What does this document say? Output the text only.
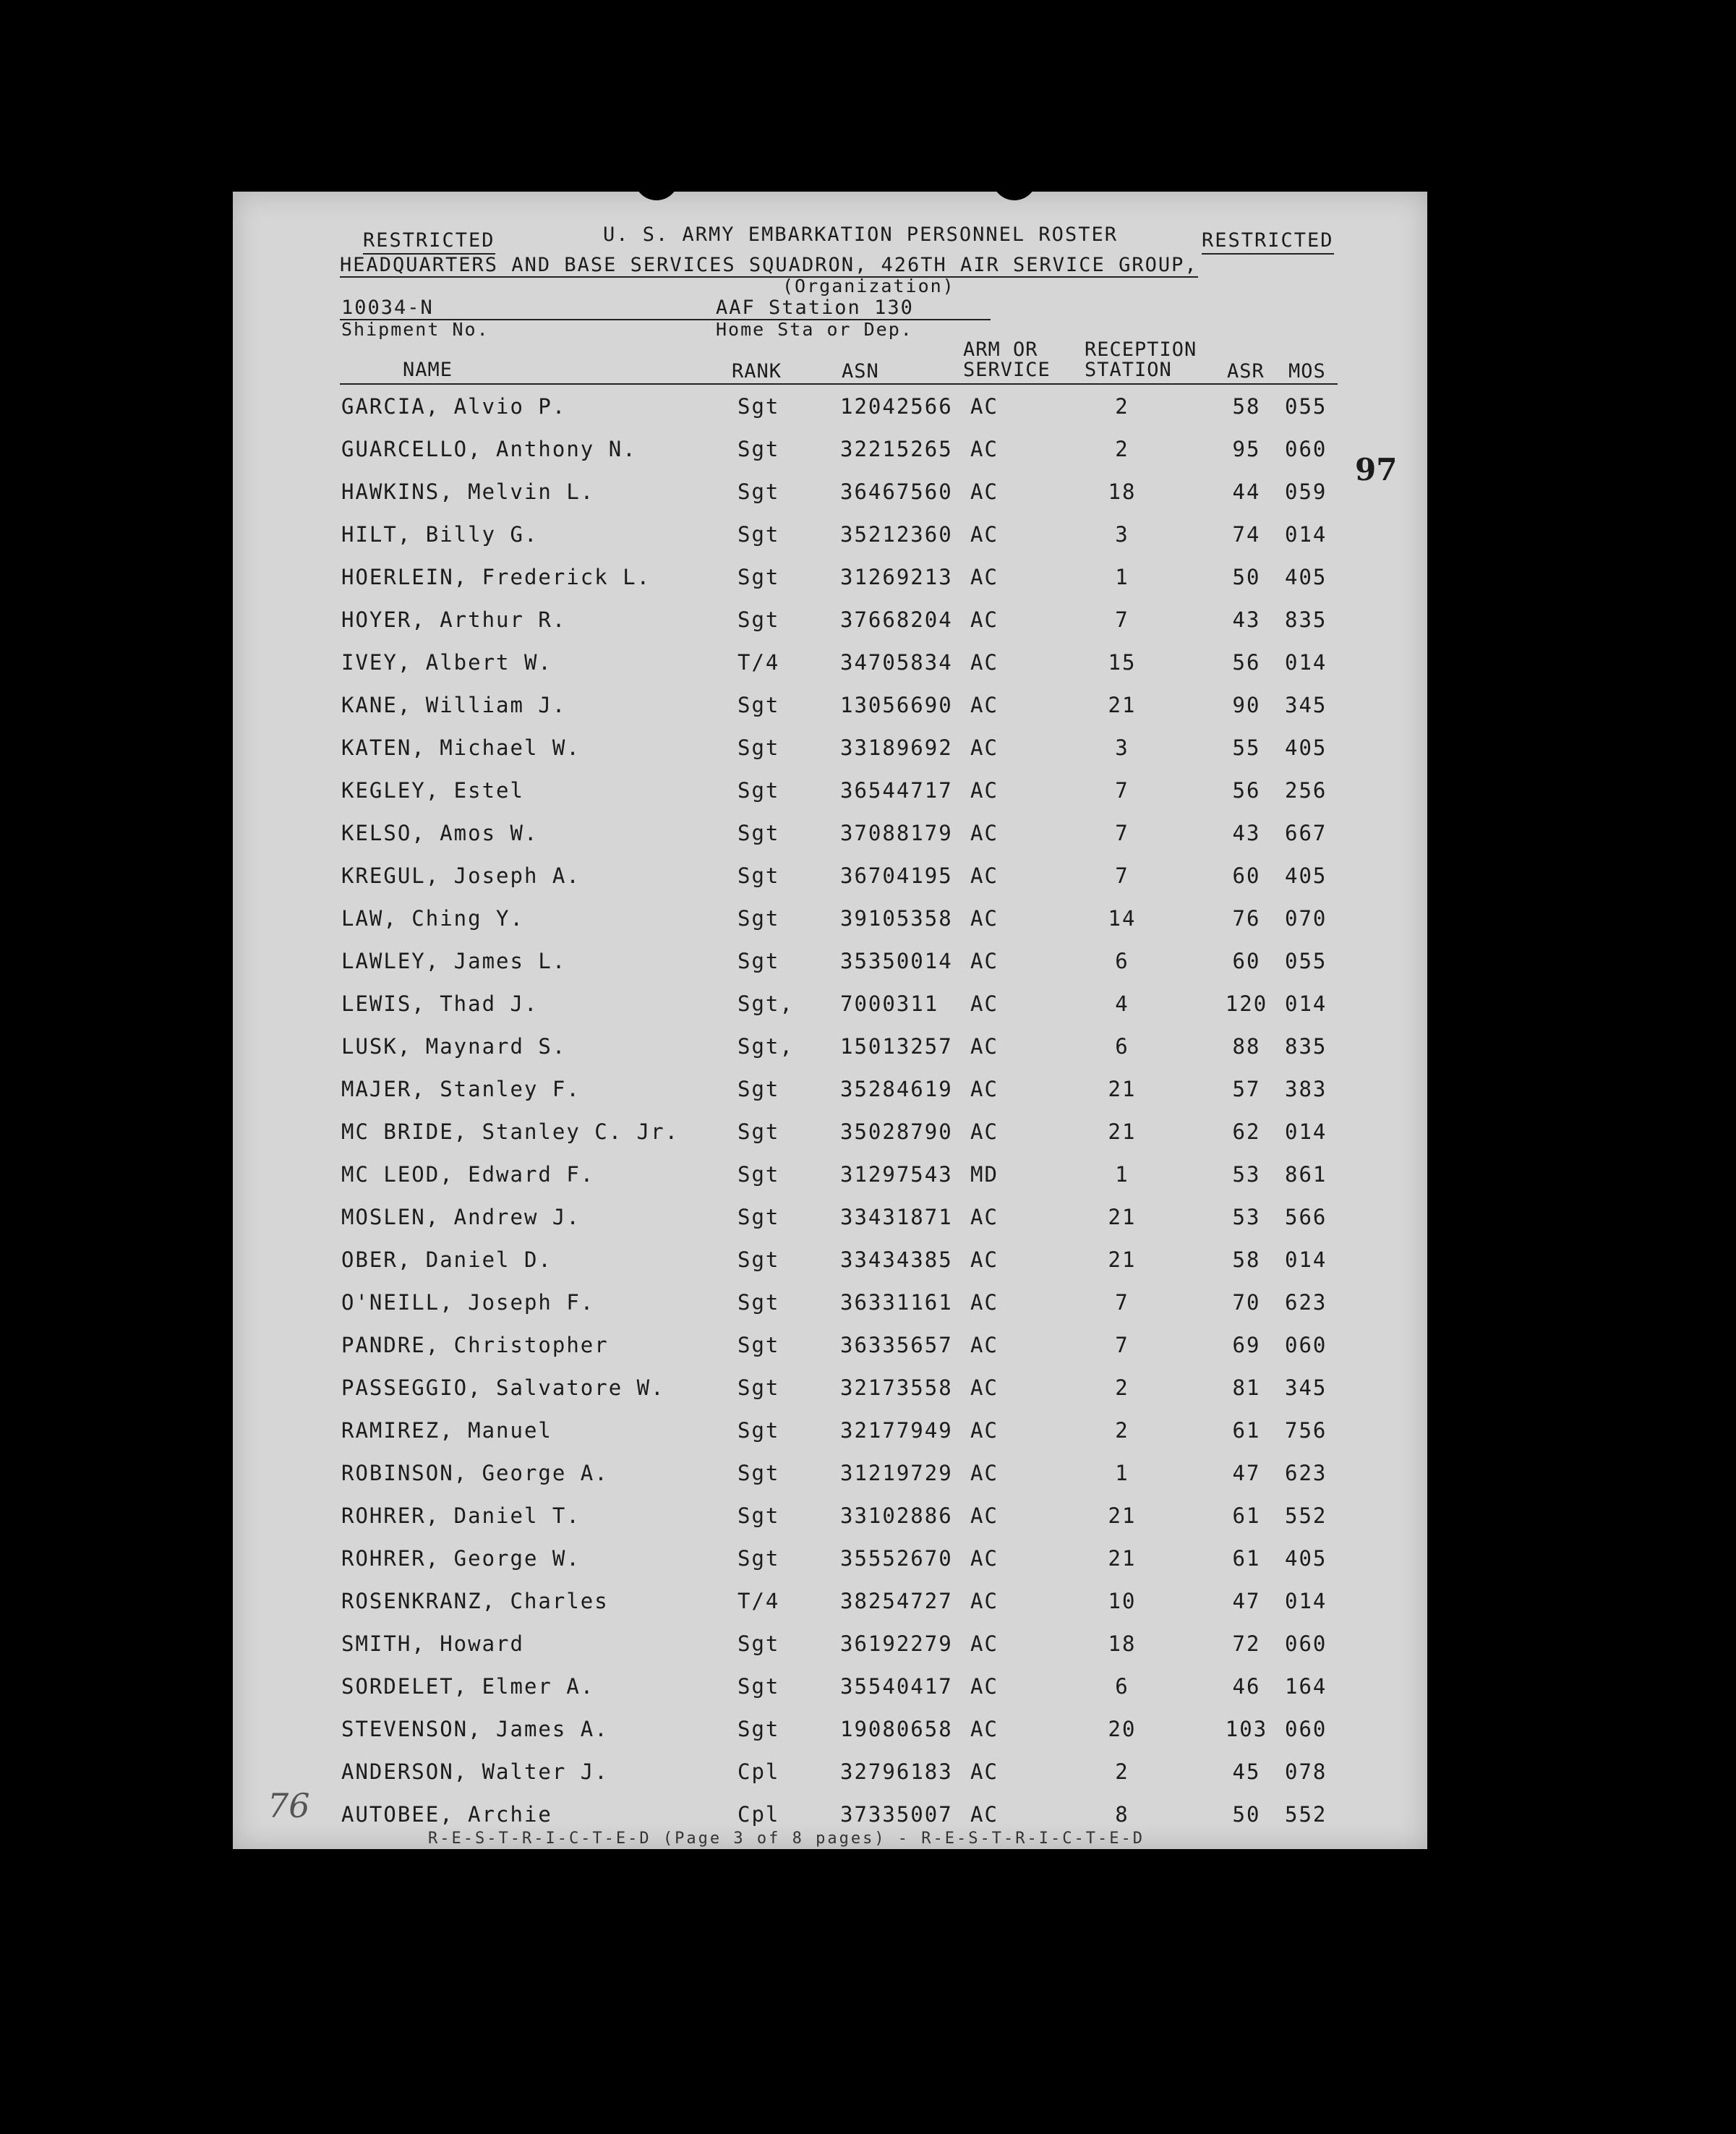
RESTRICTED	U. S. ARMY EMBARKATION PERSONNEL ROSTER	RESTRICTED
HEADQUARTERS AND BASE SERVICES SQUADRON, 426TH AIR SERVICE GROUP,
(Organization)
10034-N	AAF Station 130
Shipment No.	Home Sta or Dep.
NAME	RANK	ASN
ARM OR
SERVICE
RECEPTION
STATION	ASR MOS
97
GARCIA, Alvio P.	Sgt	12042566 AC	2	58	055
GUARCELLO, Anthony N.	Sgt	32215265 AC	2	95	060
HAWKINS, Melvin L.	Sgt	36467560 AC	18	44	059
HILT, Billy G.	Sgt	35212360 AC	3	74	014
HOERLEIN, Frederick L.	Sgt	31269213 AC	1	50	405
HOYER, Arthur R.	Sgt	37668204 AC	7	43	835
IVEY, Albert W.	T/4	34705834 AC	15	56	014
KANE, William J.	Sgt	13056690 AC	21	90	345
KATEN, Michael W.	Sgt	33189692 AC	3	55	405
KEGLEY, Estel	Sgt	36544717 AC	7	56	256
KELSO, Amos W.	Sgt	37088179 AC	7	43	667
KREGUL, Joseph A.	Sgt	36704195 AC	7	60	405
LAW, Ching Y.	Sgt	39105358 AC	14	76	070
LAWLEY, James L.	Sgt	35350014 AC	6	60	055
LEWIS, Thad J.	Sgt, 7000311 AC	4	120 014
LUSK, Maynard S.	Sgt, 15013257 AC	6	88	835
MAJER, Stanley F.	Sgt	35284619 AC	21	57	383
MC BRIDE, Stanley C. Jr.	Sgt	35028790 AC	21	62	014
MC LEOD, Edward F.	Sgt	31297543 MD	1	53	861
MOSLEN, Andrew J.	Sgt	33431871 AC	21	53	566
OBER, Daniel D.	Sgt	33434385 AC	21	58	014
O'NEILL, Joseph F.	Sgt	36331161 AC	7	70	623
PANDRE, Christopher	Sgt	36335657 AC	7	69	060
PASSEGGIO, Salvatore W.	Sgt	32173558 AC	2	81	345
RAMIREZ, Manuel	Sgt	32177949 AC	2	61	756
ROBINSON, George A.	Sgt	31219729 AC	1	47	623
ROHRER, Daniel T.	Sgt	33102886 AC	21	61	552
ROHRER, George W.	Sgt	35552670 AC	21	61	405
ROSENKRANZ, Charles	T/4	38254727 AC	10	47	014
SMITH, Howard	Sgt	36192279 AC	18	72	060
SORDELET, Elmer A.	Sgt	35540417 AC	6	46	164
STEVENSON, James A.	Sgt	19080658 AC	20	103 060
ANDERSON, Walter J.	Cpl	32796183 AC	2	45	078
AUTOBEE, Archie	Cpl	37335007 AC	8	50	552
76
R-E-S-T-R-I-C-T-E-D (Page 3 of 8 pages) - R-E-S-T-R-I-C-T-E-D
